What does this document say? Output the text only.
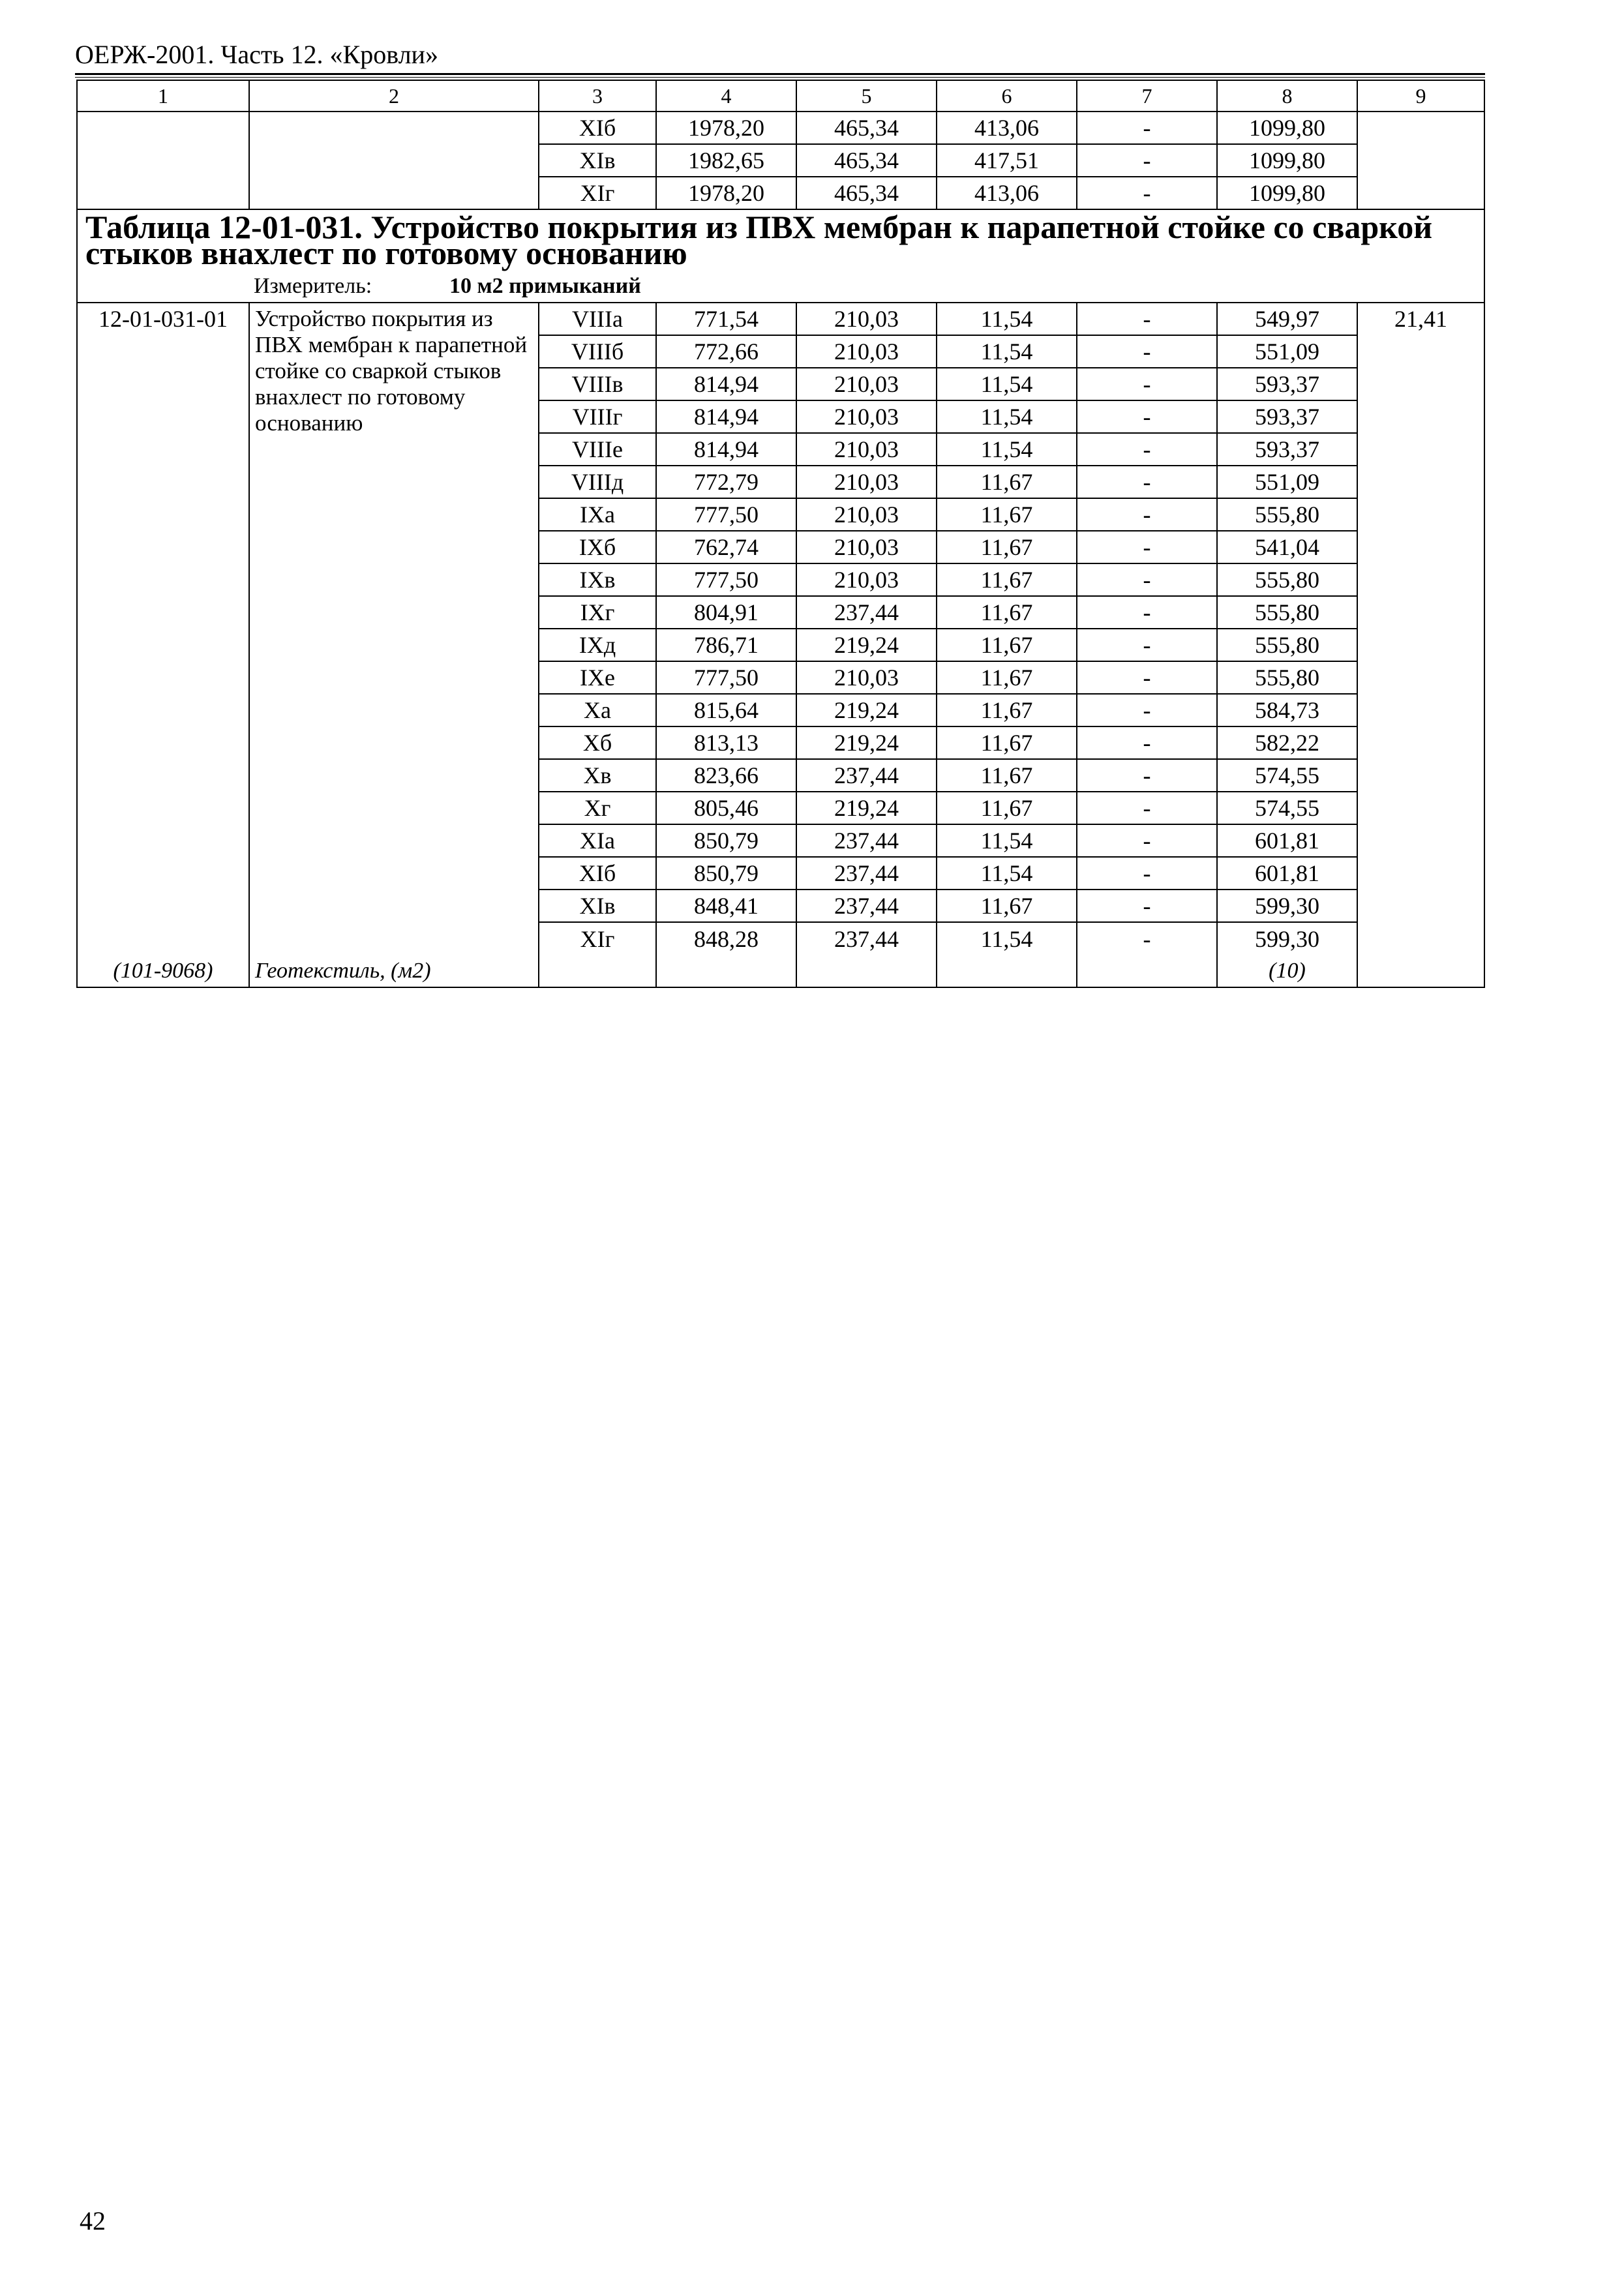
ОЕРЖ-2001. Часть 12. «Кровли»
1	2	3	4	5	6	7	8	9
		XIб	1978,20	465,34	413,06	-	1099,80	
		XIв	1982,65	465,34	417,51	-	1099,80	
		XIг	1978,20	465,34	413,06	-	1099,80	
Таблица 12-01-031. Устройство покрытия из ПВХ мембран к парапетной стойке со сваркой стыков внахлест по готовому основанию								
Измеритель: 10 м2 примыканий								
12-01-031-01	Устройство покрытия из ПВХ мембран к парапетной стойке со сваркой стыков внахлест по готовому основанию	VIIIа	771,54	210,03	11,54	-	549,97	21,41
		VIIIб	772,66	210,03	11,54	-	551,09	
		VIIIв	814,94	210,03	11,54	-	593,37	
		VIIIг	814,94	210,03	11,54	-	593,37	
		VIIIе	814,94	210,03	11,54	-	593,37	
		VIIIд	772,79	210,03	11,67	-	551,09	
		IXа	777,50	210,03	11,67	-	555,80	
		IXб	762,74	210,03	11,67	-	541,04	
		IXв	777,50	210,03	11,67	-	555,80	
		IXг	804,91	237,44	11,67	-	555,80	
		IXд	786,71	219,24	11,67	-	555,80	
		IXе	777,50	210,03	11,67	-	555,80	
		Xа	815,64	219,24	11,67	-	584,73	
		Xб	813,13	219,24	11,67	-	582,22	
		Xв	823,66	237,44	11,67	-	574,55	
		Xг	805,46	219,24	11,67	-	574,55	
		XIа	850,79	237,44	11,54	-	601,81	
		XIб	850,79	237,44	11,54	-	601,81	
		XIв	848,41	237,44	11,67	-	599,30	
		XIг	848,28	237,44	11,54	-	599,30	
(101-9068)	Геотекстиль, (м2)						(10)	
42
